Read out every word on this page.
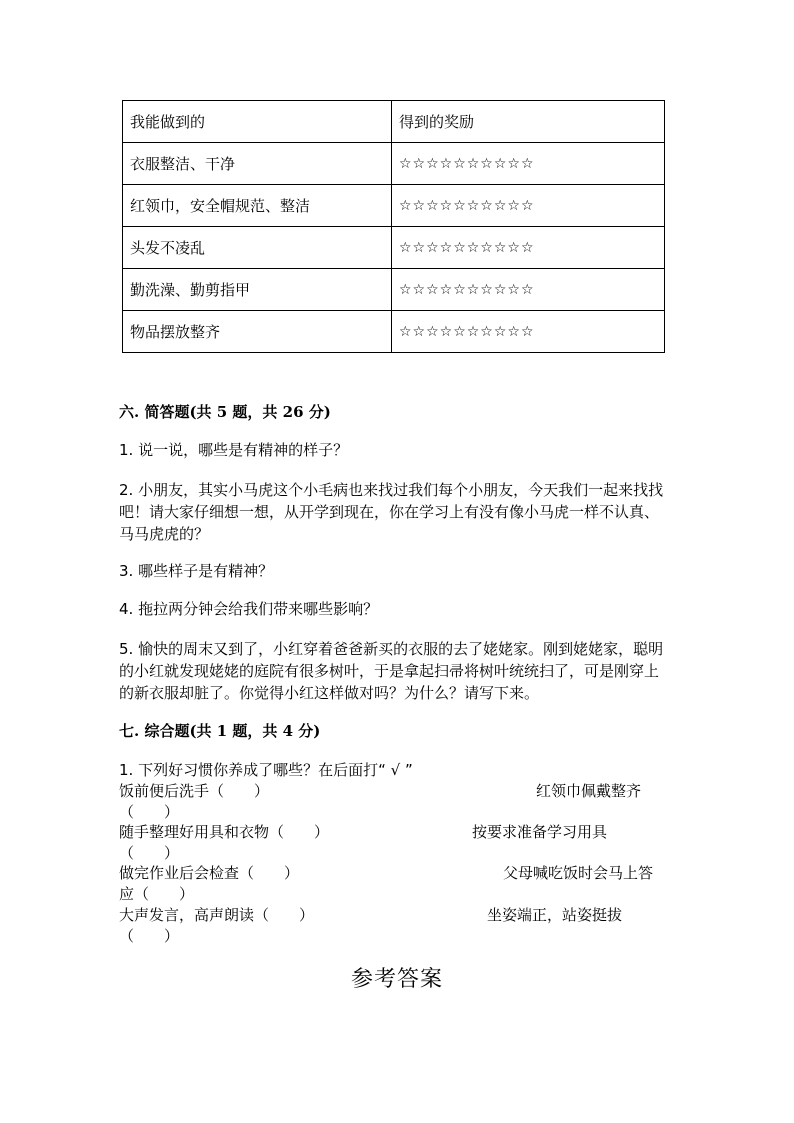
我能做到的	得到的奖励
衣服整洁、干净	☆☆☆☆☆☆☆☆☆☆
红领巾，安全帽规范、整洁	☆☆☆☆☆☆☆☆☆☆
头发不凌乱	☆☆☆☆☆☆☆☆☆☆
勤洗澡、勤剪指甲	☆☆☆☆☆☆☆☆☆☆
物品摆放整齐	☆☆☆☆☆☆☆☆☆☆
六. 简答题(共 5 题，共 26 分)
1. 说一说，哪些是有精神的样子？
2. 小朋友，其实小马虎这个小毛病也来找过我们每个小朋友，今天我们一起来找找吧！请大家仔细想一想，从开学到现在，你在学习上有没有像小马虎一样不认真、马马虎虎的？
3. 哪些样子是有精神？
4. 拖拉两分钟会给我们带来哪些影响？
5. 愉快的周末又到了，小红穿着爸爸新买的衣服的去了姥姥家。刚到姥姥家，聪明的小红就发现姥姥的庭院有很多树叶，于是拿起扫帚将树叶统统扫了，可是刚穿上的新衣服却脏了。你觉得小红这样做对吗？为什么？请写下来。
七. 综合题(共 1 题，共 4 分)
1. 下列好习惯你养成了哪些？在后面打“ √ ”
饭前便后洗手（　　）	红领巾佩戴整齐
（　　）
随手整理好用具和衣物（　　）	按要求准备学习用具
（　　）
做完作业后会检查（　　）	父母喊吃饭时会马上答
应（　　）
大声发言，高声朗读（　　）	坐姿端正，站姿挺拔
（　　）
参考答案
